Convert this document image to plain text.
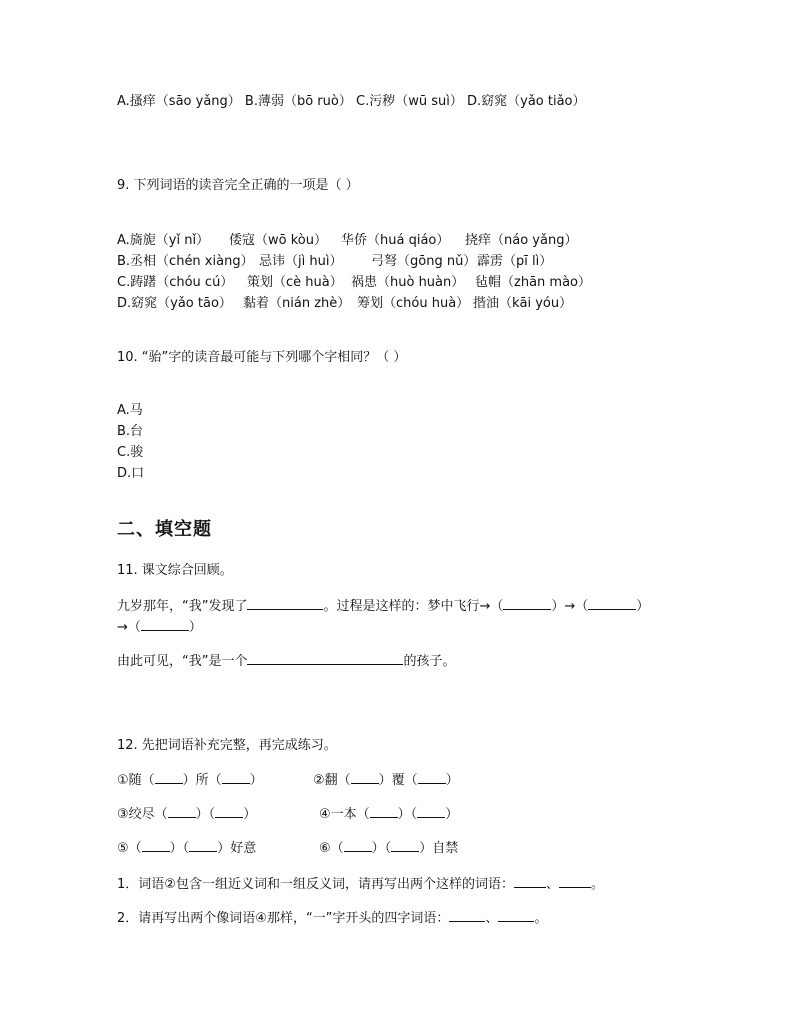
A.搔痒（sāo yǎng） B.薄弱（bō ruò） C.污秽（wū suì） D.窈窕（yǎo tiǎo）
9. 下列词语的读音完全正确的一项是（ ）
A.旖旎（yǐ nǐ） 倭寇（wō kòu） 华侨（huá qiáo） 挠痒（náo yǎng）
B.丞相（chén xiàng） 忌讳（jì huì） 弓弩（gōng nǔ）霹雳（pī lì）
C.踌躇（chóu cú） 策划（cè huà） 祸患（huò huàn） 毡帽（zhān mào）
D.窈窕（yǎo tāo） 黏着（nián zhè） 筹划（chóu huà） 揩油（kāi yóu）
10. “骀”字的读音最可能与下列哪个字相同？（ ）
A.马
B.台
C.骏
D.口
二、填空题
11. 课文综合回顾。
九岁那年，“我”发现了	。过程是这样的：梦中飞行→（	）→（	）
→（	）
由此可见，“我”是一个	的孩子。
12. 先把词语补充完整，再完成练习。
①随（ ）所（ ）	②翻（ ）覆（ ）
③绞尽（ ）（ ）	④一本（ ）（ ）
⑤（ ）（ ）好意	⑥（ ）（ ）自禁
1．词语②包含一组近义词和一组反义词，请再写出两个这样的词语： 、 。
2．请再写出两个像词语④那样，“一”字开头的四字词语：	、	。
